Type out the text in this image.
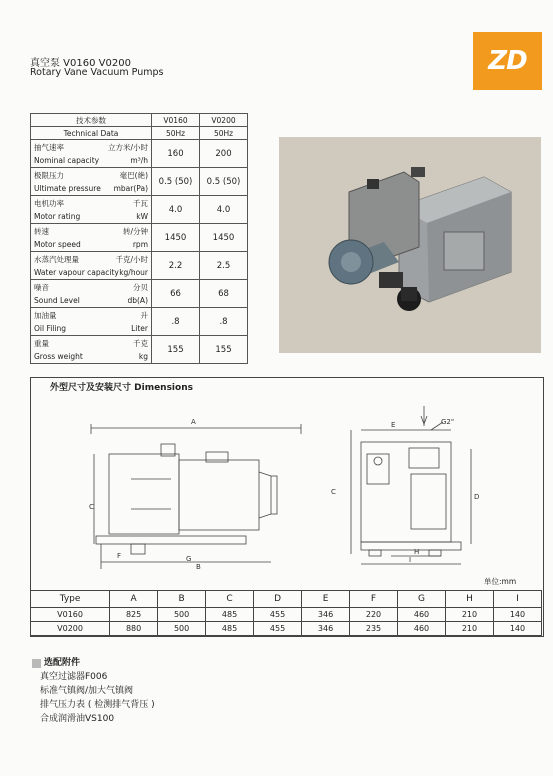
真空泵 V0160 V0200
Rotary Vane Vacuum Pumps	ZD
技术参数	V0160	V0200
Technical Data	50Hz	50Hz

抽气速率
Nominal capacity
立方米/小时
m³/h	160	200

极限压力
Ultimate pressure
毫巴(絶)
mbar(Pa)	0.5 (50)	0.5 (50)

电机功率
Motor rating
千瓦
kW	4.0	4.0

转速
Motor speed
转/分钟
rpm	1450	1450

水蒸汽处理量
Water vapour capacity
千克/小时
kg/hour	2.2	2.5

噪音
Sound Level
分贝
db(A)	66	68

加油量
Oil Filing
升
Liter	.8	.8

重量
Gross weight
千克
kg	155	155
外型尺寸及安装尺寸 Dimensions
A
B
C
D
E
F	G
H
I
G2"
C
单位:mm
Type	A	B	C	D	E	F	G	H	I
V0160	825	500	485	455	346	220	460	210	140
V0200	880	500	485	455	346	235	460	210	140
选配附件
真空过滤器F006
标准气镇阀/加大气镇阀
排气压力表 ( 检测排气背压 )
合成润滑油VS100
